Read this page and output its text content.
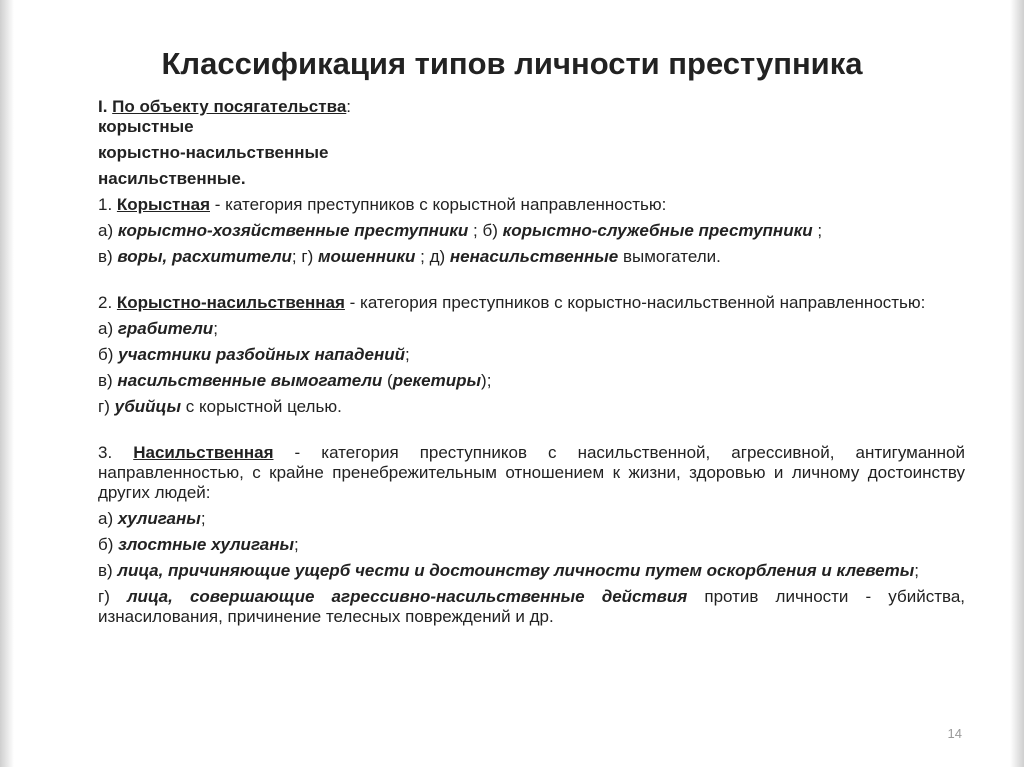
Классификация типов личности преступника

I. По объекту посягательства:

корыстные

корыстно-насильственные

насильственные.

1. Корыстная - категория преступников с корыстной направленностью:

а) корыстно-хозяйственные преступники ; б) корыстно-служебные преступники ;

в) воры, расхитители; г) мошенники ; д) ненасильственные вымогатели.

2. Корыстно-насильственная - категория преступников с корыстно-насильственной направленностью:

а) грабители;

б) участники разбойных нападений;

в) насильственные вымогатели (рекетиры);

г) убийцы с корыстной целью.

3. Насильственная - категория преступников с насильственной, агрессивной, антигуманной направленностью, с крайне пренебрежительным отношением к жизни, здоровью и личному достоинству других людей:

а) хулиганы;

б) злостные хулиганы;

в) лица, причиняющие ущерб чести и достоинству личности путем оскорбления и клеветы;

г) лица, совершающие агрессивно-насильственные действия против личности - убийства, изнасилования, причинение телесных повреждений и др.

14
